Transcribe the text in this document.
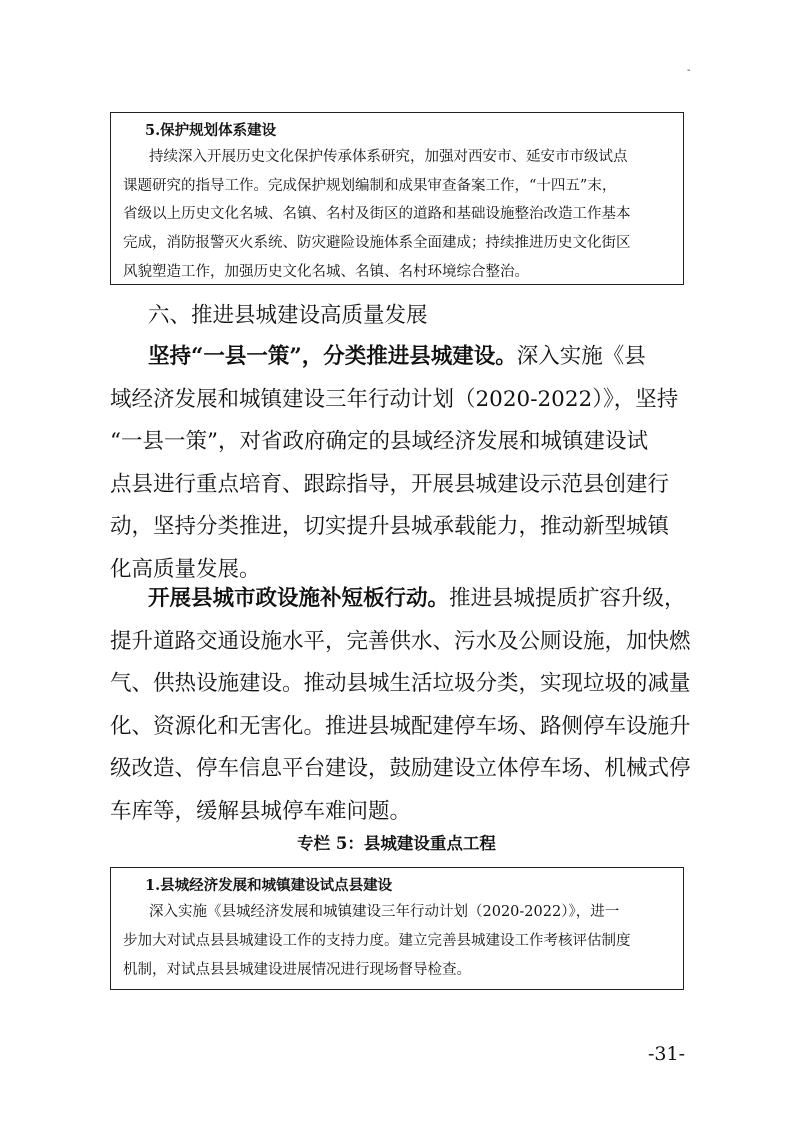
-
5.保护规划体系建设
持续深入开展历史文化保护传承体系研究，加强对西安市、延安市市级试点
课题研究的指导工作。完成保护规划编制和成果审查备案工作，“十四五”末，
省级以上历史文化名城、名镇、名村及街区的道路和基础设施整治改造工作基本
完成，消防报警灭火系统、防灾避险设施体系全面建成；持续推进历史文化街区
风貌塑造工作，加强历史文化名城、名镇、名村环境综合整治。
六、推进县城建设高质量发展
坚持“一县一策”，分类推进县城建设。深入实施《县
域经济发展和城镇建设三年行动计划（2020-2022）》，坚持
“一县一策”，对省政府确定的县域经济发展和城镇建设试
点县进行重点培育、跟踪指导，开展县城建设示范县创建行
动，坚持分类推进，切实提升县城承载能力，推动新型城镇
化高质量发展。
开展县城市政设施补短板行动。推进县城提质扩容升级，
提升道路交通设施水平，完善供水、污水及公厕设施，加快燃
气、供热设施建设。推动县城生活垃圾分类，实现垃圾的减量
化、资源化和无害化。推进县城配建停车场、路侧停车设施升
级改造、停车信息平台建设，鼓励建设立体停车场、机械式停
车库等，缓解县城停车难问题。
专栏 5：县城建设重点工程
1.县城经济发展和城镇建设试点县建设
深入实施《县城经济发展和城镇建设三年行动计划（2020-2022）》，进一
步加大对试点县县城建设工作的支持力度。建立完善县城建设工作考核评估制度
机制，对试点县县城建设进展情况进行现场督导检查。
-31-
